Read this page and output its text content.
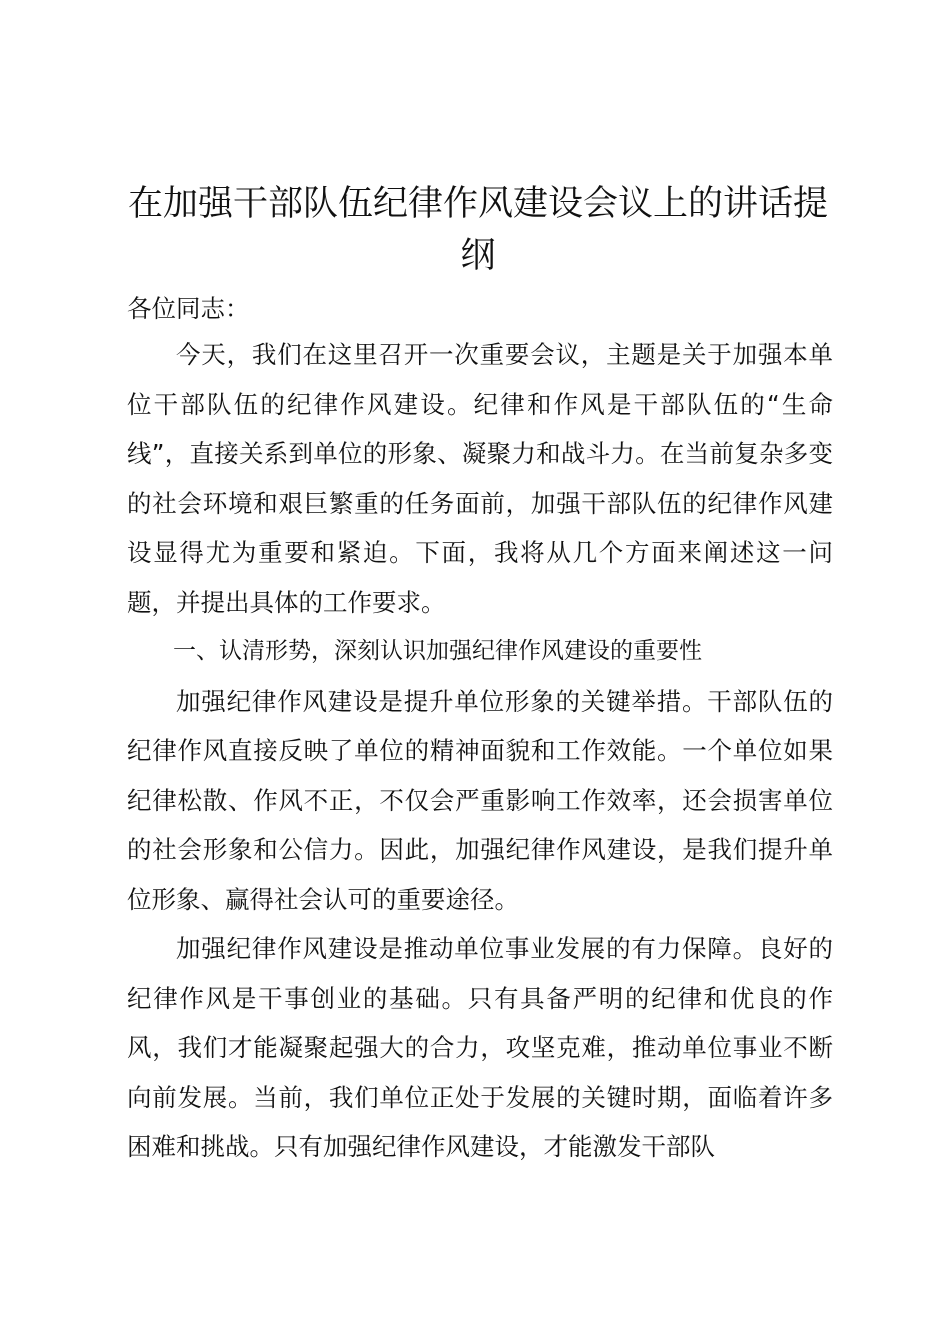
在加强干部队伍纪律作风建设会议上的讲话提纲

各位同志：

今天，我们在这里召开一次重要会议，主题是关于加强本单位干部队伍的纪律作风建设。纪律和作风是干部队伍的“生命线”，直接关系到单位的形象、凝聚力和战斗力。在当前复杂多变的社会环境和艰巨繁重的任务面前，加强干部队伍的纪律作风建设显得尤为重要和紧迫。下面，我将从几个方面来阐述这一问题，并提出具体的工作要求。

一、认清形势，深刻认识加强纪律作风建设的重要性

加强纪律作风建设是提升单位形象的关键举措。干部队伍的纪律作风直接反映了单位的精神面貌和工作效能。一个单位如果纪律松散、作风不正，不仅会严重影响工作效率，还会损害单位的社会形象和公信力。因此，加强纪律作风建设，是我们提升单位形象、赢得社会认可的重要途径。

加强纪律作风建设是推动单位事业发展的有力保障。良好的纪律作风是干事创业的基础。只有具备严明的纪律和优良的作风，我们才能凝聚起强大的合力，攻坚克难，推动单位事业不断向前发展。当前，我们单位正处于发展的关键时期，面临着许多困难和挑战。只有加强纪律作风建设，才能激发干部队
